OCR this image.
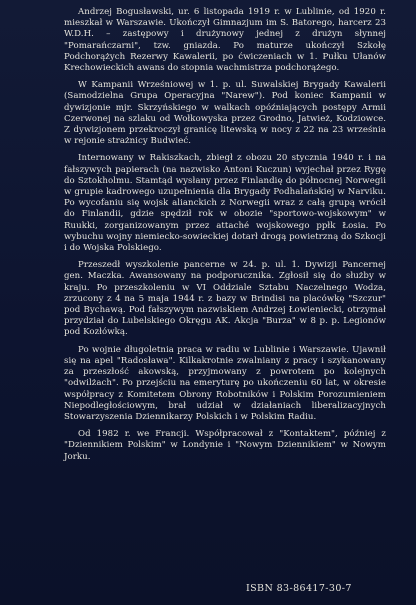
Andrzej Bogusławski, ur. 6 listopada 1919 r. w Lublinie, od 1920 r. mieszkał w Warszawie. Ukończył Gimnazjum im S. Batorego, harcerz 23 W.D.H. – zastępowy i drużynowy jednej z drużyn słynnej "Pomarańczarni", tzw. gniazda. Po maturze ukończył Szkołę Podchorążych Rezerwy Kawalerii, po ćwiczeniach w 1. Pułku Ułanów Krechowieckich awans do stopnia wachmistrza podchorążego.

W Kampanii Wrześniowej w 1. p. ul. Suwalskiej Brygady Kawalerii (Samodzielna Grupa Operacyjna "Narew"). Pod koniec Kampanii w dywizjonie mjr. Skrzyńskiego w walkach opóźniających postępy Armii Czerwonej na szlaku od Wołkowyska przez Grodno, Jatwież, Kodziowce. Z dywizjonem przekroczył granicę litewską w nocy z 22 na 23 września w rejonie strażnicy Budwieć.

Internowany w Rakiszkach, zbiegł z obozu 20 stycznia 1940 r. i na fałszywych papierach (na nazwisko Antoni Kuczun) wyjechał przez Rygę do Sztokholmu. Stamtąd wysłany przez Finlandię do północnej Norwegii w grupie kadrowego uzupełnienia dla Brygady Podhalańskiej w Narviku. Po wycofaniu się wojsk alianckich z Norwegii wraz z całą grupą wrócił do Finlandii, gdzie spędził rok w obozie "sportowo-wojskowym" w Ruukki, zorganizowanym przez attaché wojskowego ppłk Łosia. Po wybuchu wojny niemiecko-sowieckiej dotarł drogą powietrzną do Szkocji i do Wojska Polskiego.

Przeszedł wyszkolenie pancerne w 24. p. ul. 1. Dywizji Pancernej gen. Maczka. Awansowany na podporucznika. Zgłosił się do służby w kraju. Po przeszkoleniu w VI Oddziale Sztabu Naczelnego Wodza, zrzucony z 4 na 5 maja 1944 r. z bazy w Brindisi na placówkę "Szczur" pod Bychawą. Pod fałszywym nazwiskiem Andrzej Łowieniecki, otrzymał przydział do Lubelskiego Okręgu AK. Akcja "Burza" w 8 p. p. Legionów pod Kozłówką.

Po wojnie długoletnia praca w radiu w Lublinie i Warszawie. Ujawnił się na apel "Radosława". Kilkakrotnie zwalniany z pracy i szykanowany za przeszłość akowską, przyjmowany z powrotem po kolejnych "odwilżach". Po przejściu na emeryturę po ukończeniu 60 lat, w okresie współpracy z Komitetem Obrony Robotników i Polskim Porozumieniem Niepodległościowym, brał udział w działaniach liberalizacyjnych Stowarzyszenia Dziennikarzy Polskich i w Polskim Radiu.

Od 1982 r. we Francji. Współpracował z "Kontaktem", później z "Dziennikiem Polskim" w Londynie i "Nowym Dziennikiem" w Nowym Jorku.

ISBN 83-86417-30-7
